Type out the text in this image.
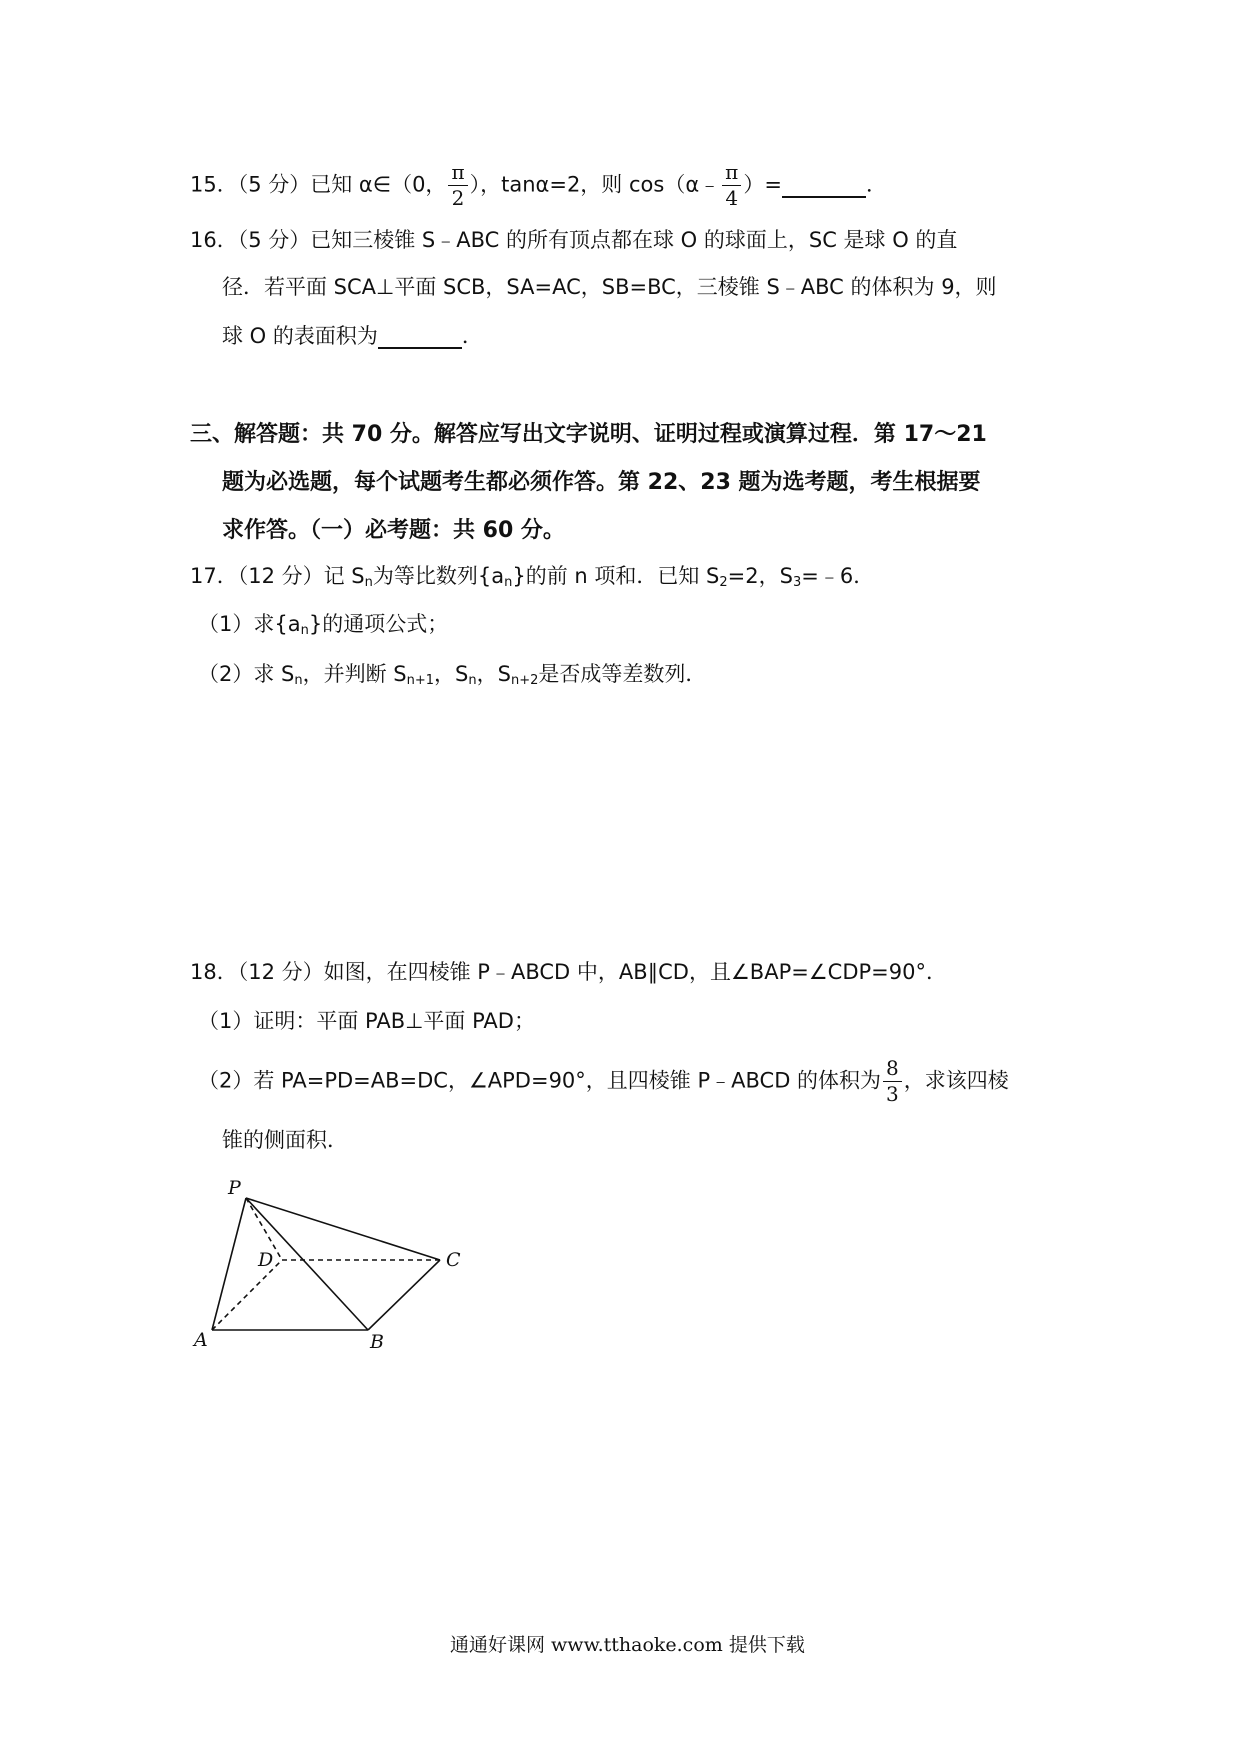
15．（5 分）已知 α∈（0， $\frac{\pi}{2}$ ），tanα=2，则 cos（α﹣ $\frac{\pi}{4}$ ）=	．
16．（5 分）已知三棱锥 S﹣ABC 的所有顶点都在球 O 的球面上，SC 是球 O 的直
径．若平面 SCA⊥平面 SCB，SA=AC，SB=BC，三棱锥 S﹣ABC 的体积为 9，则
球 O 的表面积为	．
三、解答题：共 70 分。解答应写出文字说明、证明过程或演算过程．第 17～21
题为必选题，每个试题考生都必须作答。第 22、23 题为选考题，考生根据要
求作答。（一）必考题：共 60 分。
17．（12 分）记 $S_n$为等比数列$\{a_n\}$的前 n 项和．已知 $S_2=2$，$S_3=﹣6$．
（1）求$\{a_n\}$的通项公式；
（2）求 $S_n$，并判断 $S_{n+1}$，$S_n$，$S_{n+2}$是否成等差数列．
18．（12 分）如图，在四棱锥 P﹣ABCD 中，AB∥CD，且∠BAP=∠CDP=90°．
（1）证明：平面 PAB⊥平面 PAD；
（2）若 PA=PD=AB=DC，∠APD=90°，且四棱锥 P﹣ABCD 的体积为 $\frac{8}{3}$ ，求该四棱
锥的侧面积．
P
D	C
A	B
通通好课网 www.tthaoke.com 提供下载
